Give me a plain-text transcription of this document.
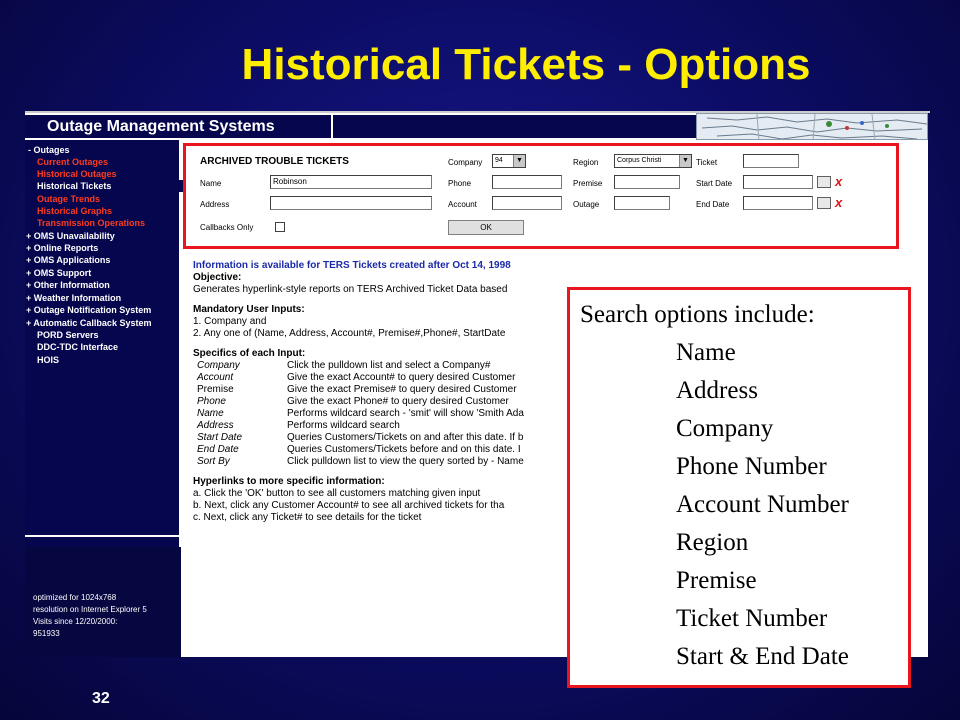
Historical Tickets - Options
Outage Management Systems
- Outages
Current Outages
Historical Outages
Historical Tickets
Outage Trends
Historical Graphs
Transmission Operations
+ OMS Unavailability
+ Online Reports
+ OMS Applications
+ OMS Support
+ Other Information
+ Weather Information
+ Outage Notification System
+ Automatic Callback System
PORD Servers
DDC-TDC Interface
HOIS
optimized for 1024x768
resolution on Internet Explorer 5
Visits since 12/20/2000:
951933
ARCHIVED TROUBLE TICKETS	Company	94	▼	Region	Corpus Christi	▼ Ticket
Name	Robinson	Phone	Premise	Start Date	x
Address	Account	Outage	End Date	x
Callbacks Only	OK
Information is available for TERS Tickets created after Oct 14, 1998
Objective:
Generates hyperlink-style reports on TERS Archived Ticket Data based
Mandatory User Inputs:
1. Company and
2. Any one of (Name, Address, Account#, Premise#,Phone#, StartDate
Specifics of each Input:
Company	Click the pulldown list and select a Company#
Account	Give the exact Account# to query desired Customer
Premise	Give the exact Premise# to query desired Customer
Phone	Give the exact Phone# to query desired Customer
Name	Performs wildcard search - 'smit' will show 'Smith Ada
Address	Performs wildcard search
Start Date	Queries Customers/Tickets on and after this date. If b
End Date	Queries Customers/Tickets before and on this date. I
Sort By	Click pulldown list to view the query sorted by - Name
Hyperlinks to more specific information:
a. Click the 'OK' button to see all customers matching given input
b. Next, click any Customer Account# to see all archived tickets for tha
c. Next, click any Ticket# to see details for the ticket
Search options include:
Name
Address
Company
Phone Number
Account Number
Region
Premise
Ticket Number
Start & End Date
32
